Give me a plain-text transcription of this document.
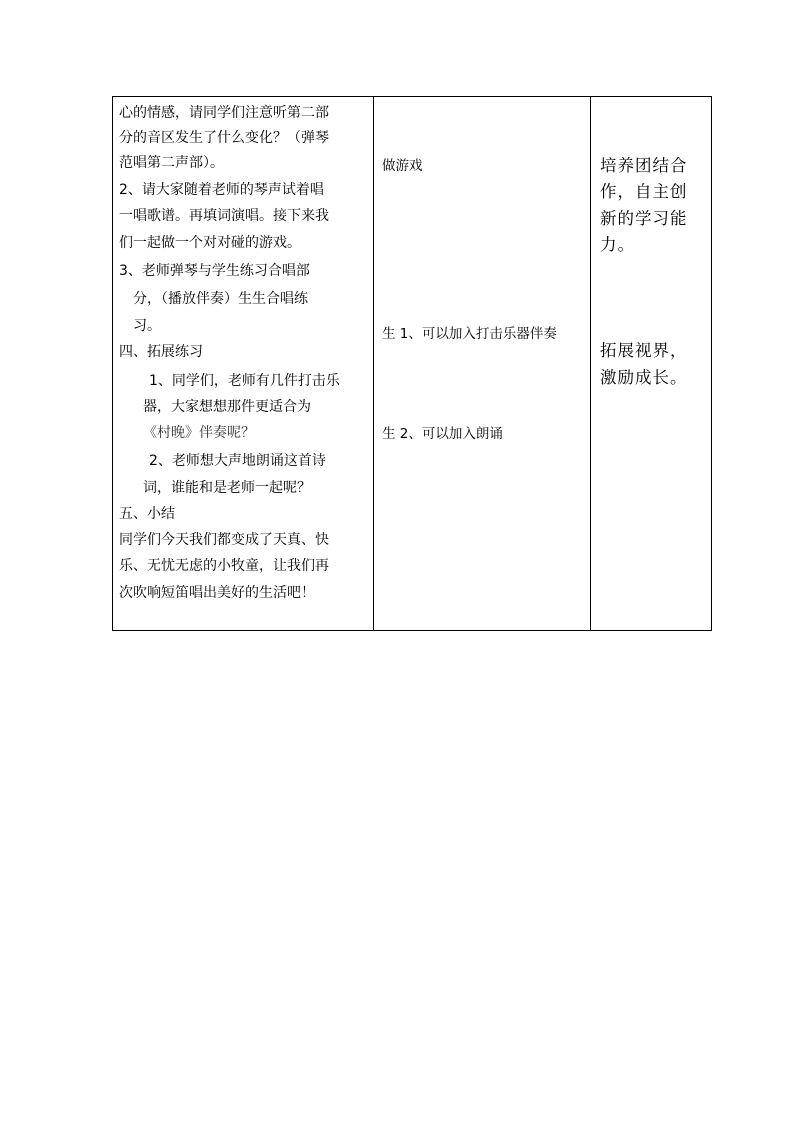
心的情感，请同学们注意听第二部
分的音区发生了什么变化？（弹琴
范唱第二声部）。
2、请大家随着老师的琴声试着唱
一唱歌谱。再填词演唱。接下来我
们一起做一个对对碰的游戏。
3、老师弹琴与学生练习合唱部
分，（播放伴奏）生生合唱练
习。
四、拓展练习
1、同学们，老师有几件打击乐
器，大家想想那件更适合为
《村晚》伴奏呢？
2、老师想大声地朗诵这首诗
词，谁能和是老师一起呢？
五、小结
同学们今天我们都变成了天真、快
乐、无忧无虑的小牧童，让我们再
次吹响短笛唱出美好的生活吧！
做游戏
生 1、可以加入打击乐器伴奏
生 2、可以加入朗诵
培养团结合
作，自主创
新的学习能
力。
拓展视界，
激励成长。
